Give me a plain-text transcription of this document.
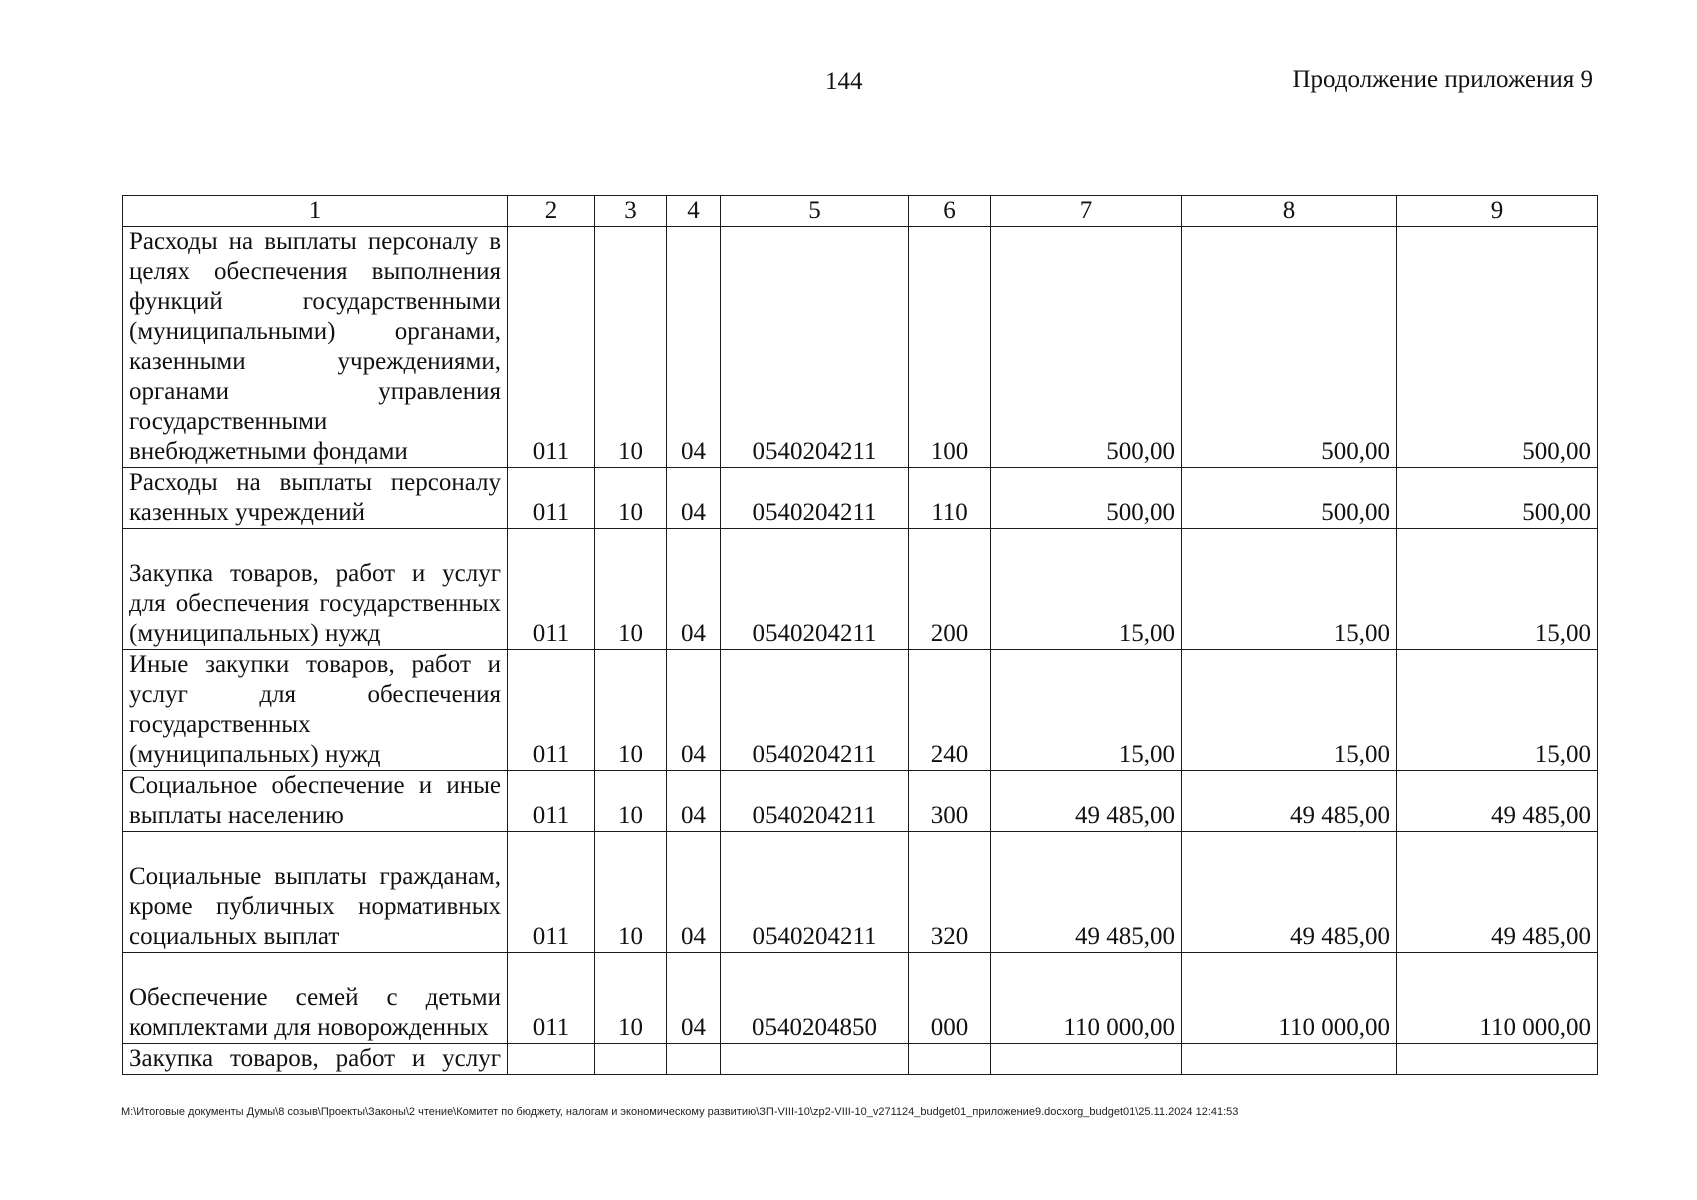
144	Продолжение приложения 9
1	2	3	4	5	6	7	8	9
Расходы на выплаты персоналу в целях обеспечения выполнения функций государственными (муниципальными) органами, казенными учреждениями, органами управления государственными внебюджетными фондами	011	10	04	0540204211	100	500,00	500,00	500,00
Расходы на выплаты персоналу казенных учреждений	011	10	04	0540204211	110	500,00	500,00	500,00
Закупка товаров, работ и услуг для обеспечения государственных (муниципальных) нужд	011	10	04	0540204211	200	15,00	15,00	15,00
Иные закупки товаров, работ и услуг для обеспечения государственных (муниципальных) нужд	011	10	04	0540204211	240	15,00	15,00	15,00
Социальное обеспечение и иные выплаты населению	011	10	04	0540204211	300	49 485,00	49 485,00	49 485,00
Социальные выплаты гражданам, кроме публичных нормативных социальных выплат	011	10	04	0540204211	320	49 485,00	49 485,00	49 485,00
Обеспечение семей с детьми комплектами для новорожденных	011	10	04	0540204850	000	110 000,00	110 000,00	110 000,00
Закупка товаров, работ и услуг								
M:\Итоговые документы Думы\8 созыв\Проекты\Законы\2 чтение\Комитет по бюджету, налогам и экономическому развитию\ЗП-VIII-10\zp2-VIII-10_v271124_budget01_приложение9.docxorg_budget01\25.11.2024 12:41:53
